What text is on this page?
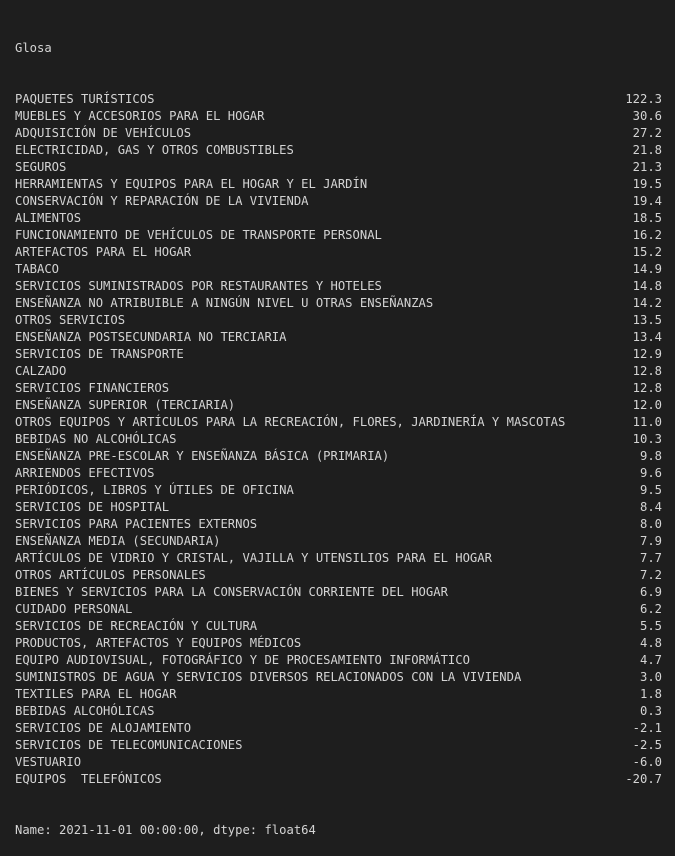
Glosa

PAQUETES TURÍSTICOS	122.3
MUEBLES Y ACCESORIOS PARA EL HOGAR	30.6
ADQUISICIÓN DE VEHÍCULOS	27.2
ELECTRICIDAD, GAS Y OTROS COMBUSTIBLES	21.8
SEGUROS	21.3
HERRAMIENTAS Y EQUIPOS PARA EL HOGAR Y EL JARDÍN	19.5
CONSERVACIÓN Y REPARACIÓN DE LA VIVIENDA	19.4
ALIMENTOS	18.5
FUNCIONAMIENTO DE VEHÍCULOS DE TRANSPORTE PERSONAL	16.2
ARTEFACTOS PARA EL HOGAR	15.2
TABACO	14.9
SERVICIOS SUMINISTRADOS POR RESTAURANTES Y HOTELES	14.8
ENSEÑANZA NO ATRIBUIBLE A NINGÚN NIVEL U OTRAS ENSEÑANZAS	14.2
OTROS SERVICIOS	13.5
ENSEÑANZA POSTSECUNDARIA NO TERCIARIA	13.4
SERVICIOS DE TRANSPORTE	12.9
CALZADO	12.8
SERVICIOS FINANCIEROS	12.8
ENSEÑANZA SUPERIOR (TERCIARIA)	12.0
OTROS EQUIPOS Y ARTÍCULOS PARA LA RECREACIÓN, FLORES, JARDINERÍA Y MASCOTAS	11.0
BEBIDAS NO ALCOHÓLICAS	10.3
ENSEÑANZA PRE-ESCOLAR Y ENSEÑANZA BÁSICA (PRIMARIA)	9.8
ARRIENDOS EFECTIVOS	9.6
PERIÓDICOS, LIBROS Y ÚTILES DE OFICINA	9.5
SERVICIOS DE HOSPITAL	8.4
SERVICIOS PARA PACIENTES EXTERNOS	8.0
ENSEÑANZA MEDIA (SECUNDARIA)	7.9
ARTÍCULOS DE VIDRIO Y CRISTAL, VAJILLA Y UTENSILIOS PARA EL HOGAR	7.7
OTROS ARTÍCULOS PERSONALES	7.2
BIENES Y SERVICIOS PARA LA CONSERVACIÓN CORRIENTE DEL HOGAR	6.9
CUIDADO PERSONAL	6.2
SERVICIOS DE RECREACIÓN Y CULTURA	5.5
PRODUCTOS, ARTEFACTOS Y EQUIPOS MÉDICOS	4.8
EQUIPO AUDIOVISUAL, FOTOGRÁFICO Y DE PROCESAMIENTO INFORMÁTICO	4.7
SUMINISTROS DE AGUA Y SERVICIOS DIVERSOS RELACIONADOS CON LA VIVIENDA	3.0
TEXTILES PARA EL HOGAR	1.8
BEBIDAS ALCOHÓLICAS	0.3
SERVICIOS DE ALOJAMIENTO	-2.1
SERVICIOS DE TELECOMUNICACIONES	-2.5
VESTUARIO	-6.0
EQUIPOS  TELEFÓNICOS	-20.7

Name: 2021-11-01 00:00:00, dtype: float64
